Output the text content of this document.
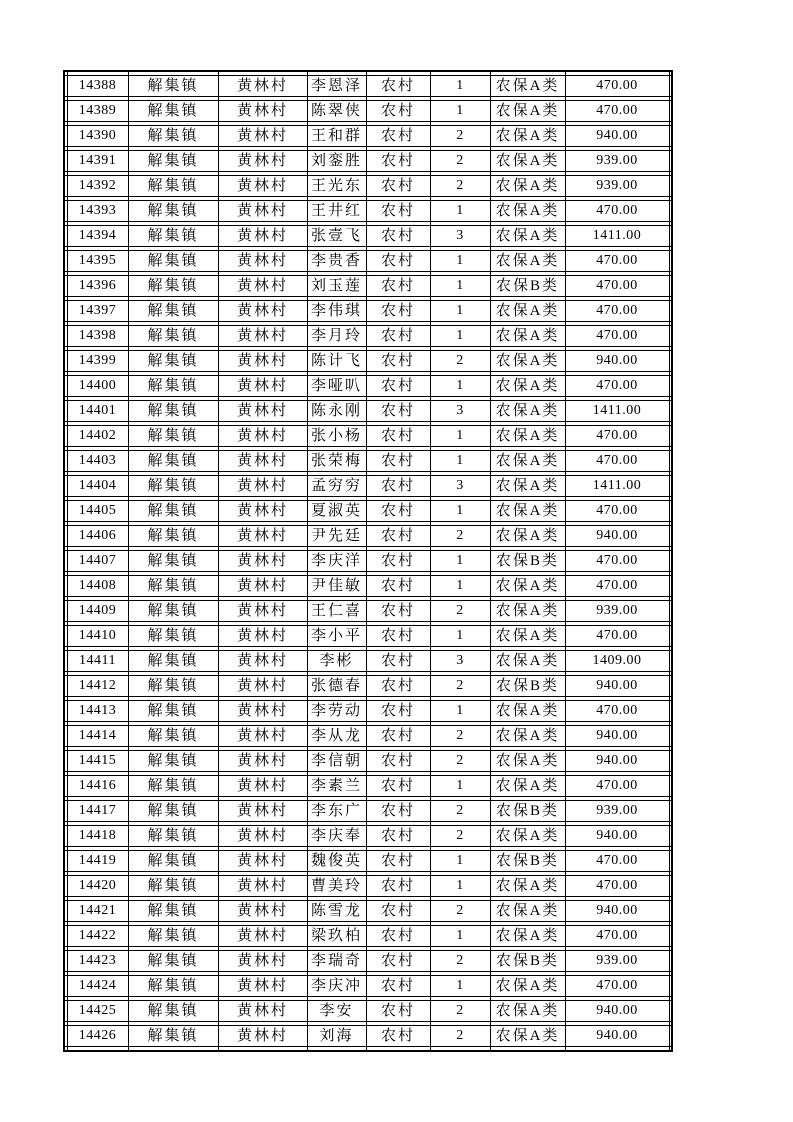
	14388	解集镇	黄林村	李恩泽	农村	1	农保A类	470.00	

	14389	解集镇	黄林村	陈翠侠	农村	1	农保A类	470.00	

	14390	解集镇	黄林村	王和群	农村	2	农保A类	940.00	

	14391	解集镇	黄林村	刘銮胜	农村	2	农保A类	939.00	

	14392	解集镇	黄林村	王光东	农村	2	农保A类	939.00	

	14393	解集镇	黄林村	王井红	农村	1	农保A类	470.00	

	14394	解集镇	黄林村	张壹飞	农村	3	农保A类	1411.00	

	14395	解集镇	黄林村	李贵香	农村	1	农保A类	470.00	

	14396	解集镇	黄林村	刘玉莲	农村	1	农保B类	470.00	

	14397	解集镇	黄林村	李伟琪	农村	1	农保A类	470.00	

	14398	解集镇	黄林村	李月玲	农村	1	农保A类	470.00	

	14399	解集镇	黄林村	陈计飞	农村	2	农保A类	940.00	

	14400	解集镇	黄林村	李哑叭	农村	1	农保A类	470.00	

	14401	解集镇	黄林村	陈永刚	农村	3	农保A类	1411.00	

	14402	解集镇	黄林村	张小杨	农村	1	农保A类	470.00	

	14403	解集镇	黄林村	张荣梅	农村	1	农保A类	470.00	

	14404	解集镇	黄林村	孟穷穷	农村	3	农保A类	1411.00	

	14405	解集镇	黄林村	夏淑英	农村	1	农保A类	470.00	

	14406	解集镇	黄林村	尹先廷	农村	2	农保A类	940.00	

	14407	解集镇	黄林村	李庆洋	农村	1	农保B类	470.00	

	14408	解集镇	黄林村	尹佳敏	农村	1	农保A类	470.00	

	14409	解集镇	黄林村	王仁喜	农村	2	农保A类	939.00	

	14410	解集镇	黄林村	李小平	农村	1	农保A类	470.00	

	14411	解集镇	黄林村	李彬	农村	3	农保A类	1409.00	

	14412	解集镇	黄林村	张德春	农村	2	农保B类	940.00	

	14413	解集镇	黄林村	李劳动	农村	1	农保A类	470.00	

	14414	解集镇	黄林村	李从龙	农村	2	农保A类	940.00	

	14415	解集镇	黄林村	李信朝	农村	2	农保A类	940.00	

	14416	解集镇	黄林村	李素兰	农村	1	农保A类	470.00	

	14417	解集镇	黄林村	李东广	农村	2	农保B类	939.00	

	14418	解集镇	黄林村	李庆奉	农村	2	农保A类	940.00	

	14419	解集镇	黄林村	魏俊英	农村	1	农保B类	470.00	

	14420	解集镇	黄林村	曹美玲	农村	1	农保A类	470.00	

	14421	解集镇	黄林村	陈雪龙	农村	2	农保A类	940.00	

	14422	解集镇	黄林村	梁玖柏	农村	1	农保A类	470.00	

	14423	解集镇	黄林村	李瑞奇	农村	2	农保B类	939.00	

	14424	解集镇	黄林村	李庆冲	农村	1	农保A类	470.00	

	14425	解集镇	黄林村	李安	农村	2	农保A类	940.00	

	14426	解集镇	黄林村	刘海	农村	2	农保A类	940.00	
